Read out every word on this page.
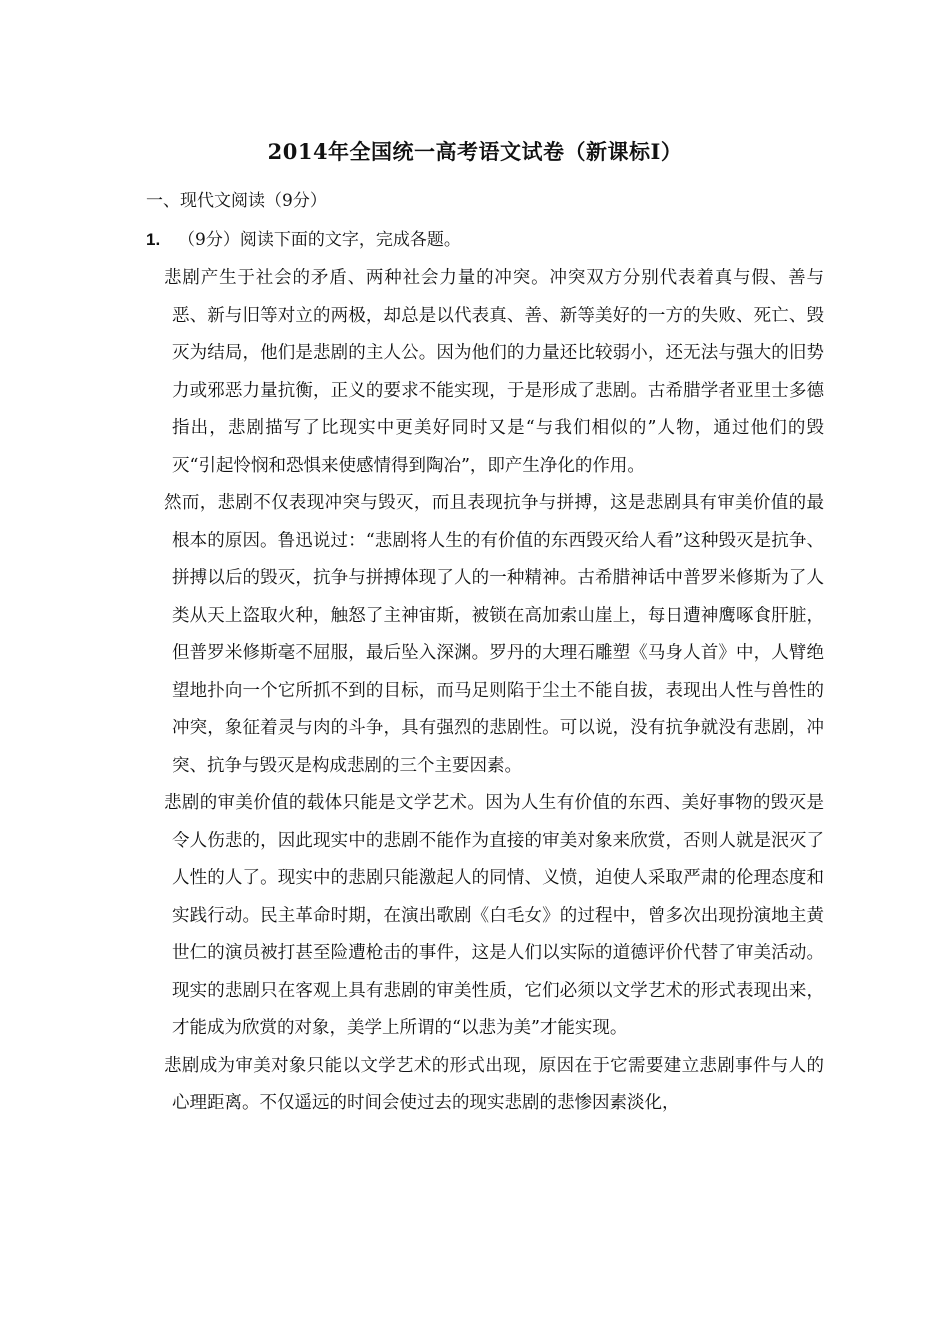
2014年全国统一高考语文试卷（新课标Ⅰ）

一、现代文阅读（9分）

1. （9分）阅读下面的文字，完成各题。

悲剧产生于社会的矛盾、两种社会力量的冲突。冲突双方分别代表着真与假、善与恶、新与旧等对立的两极，却总是以代表真、善、新等美好的一方的失败、死亡、毁灭为结局，他们是悲剧的主人公。因为他们的力量还比较弱小，还无法与强大的旧势力或邪恶力量抗衡，正义的要求不能实现，于是形成了悲剧。古希腊学者亚里士多德指出，悲剧描写了比现实中更美好同时又是“与我们相似的”人物，通过他们的毁灭“引起怜悯和恐惧来使感情得到陶冶”，即产生净化的作用。

然而，悲剧不仅表现冲突与毁灭，而且表现抗争与拼搏，这是悲剧具有审美价值的最根本的原因。鲁迅说过：“悲剧将人生的有价值的东西毁灭给人看”这种毁灭是抗争、拼搏以后的毁灭，抗争与拼搏体现了人的一种精神。古希腊神话中普罗米修斯为了人类从天上盗取火种，触怒了主神宙斯，被锁在高加索山崖上，每日遭神鹰啄食肝脏，但普罗米修斯毫不屈服，最后坠入深渊。罗丹的大理石雕塑《马身人首》中，人臂绝望地扑向一个它所抓不到的目标，而马足则陷于尘土不能自拔，表现出人性与兽性的冲突，象征着灵与肉的斗争，具有强烈的悲剧性。可以说，没有抗争就没有悲剧，冲突、抗争与毁灭是构成悲剧的三个主要因素。

悲剧的审美价值的载体只能是文学艺术。因为人生有价值的东西、美好事物的毁灭是令人伤悲的，因此现实中的悲剧不能作为直接的审美对象来欣赏，否则人就是泯灭了人性的人了。现实中的悲剧只能激起人的同情、义愤，迫使人采取严肃的伦理态度和实践行动。民主革命时期，在演出歌剧《白毛女》的过程中，曾多次出现扮演地主黄世仁的演员被打甚至险遭枪击的事件，这是人们以实际的道德评价代替了审美活动。现实的悲剧只在客观上具有悲剧的审美性质，它们必须以文学艺术的形式表现出来，才能成为欣赏的对象，美学上所谓的“以悲为美”才能实现。

悲剧成为审美对象只能以文学艺术的形式出现，原因在于它需要建立悲剧事件与人的心理距离。不仅遥远的时间会使过去的现实悲剧的悲惨因素淡化，
